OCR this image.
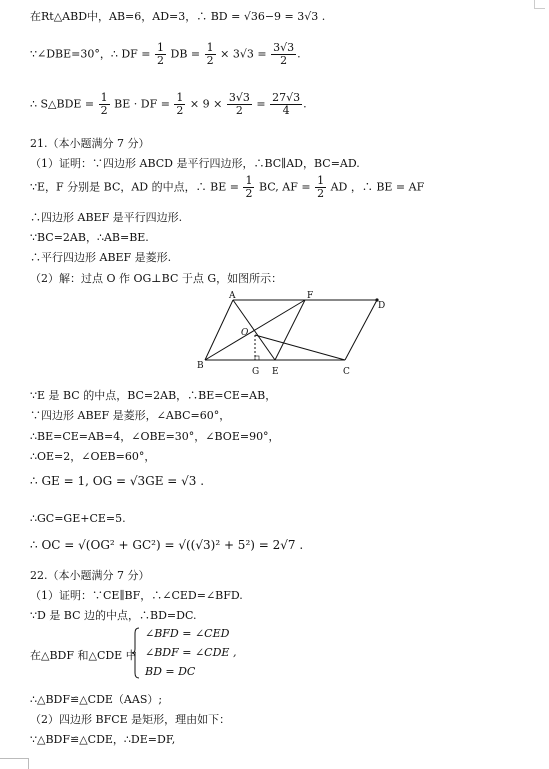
在Rt△ABD中，AB=6，AD=3，∴ BD = √36−9 = 3√3 .
∵∠DBE=30°，∴ DF = $\frac{1}{2}$ DB = $\frac{1}{2} \times 3√3 = \frac{3√3}{2}$ .
∴ S△BDE = $\frac{1}{2}$ BE · DF = $\frac{1}{2} \times 9 \times \frac{3√3}{2} = \frac{27√3}{4}$ .
21.（本小题满分 7 分）
（1）证明：∵四边形 ABCD 是平行四边形，∴BC∥AD，BC=AD.
∵E，F 分别是 BC，AD 的中点，∴ BE = $\frac{1}{2}$ BC, AF = $\frac{1}{2}$ AD ，∴ BE = AF
∴四边形 ABEF 是平行四边形.
∵BC=2AB，∴AB=BE.
∴平行四边形 ABEF 是菱形.
（2）解：过点 O 作 OG⊥BC 于点 G，如图所示：
A	F
D
O
B
G E	C
∵E 是 BC 的中点，BC=2AB，∴BE=CE=AB，
∵四边形 ABEF 是菱形，∠ABC=60°，
∴BE=CE=AB=4，∠OBE=30°，∠BOE=90°，
∴OE=2，∠OEB=60°，
∴ GE = 1, OG = √3GE = √3 .
∴GC=GE+CE=5.
∴ OC = √(OG² + GC²) = √((√3)² + 5²) = 2√7 .
22.（本小题满分 7 分）
（1）证明：∵CE∥BF，∴∠CED=∠BFD.
∵D 是 BC 边的中点，∴BD=DC.
在△BDF 和△CDE 中
∠BFD = ∠CED
∠BDF = ∠CDE ,
BD = DC
∴△BDF≌△CDE（AAS）;
（2）四边形 BFCE 是矩形，理由如下：
∵△BDF≌△CDE，∴DE=DF,
